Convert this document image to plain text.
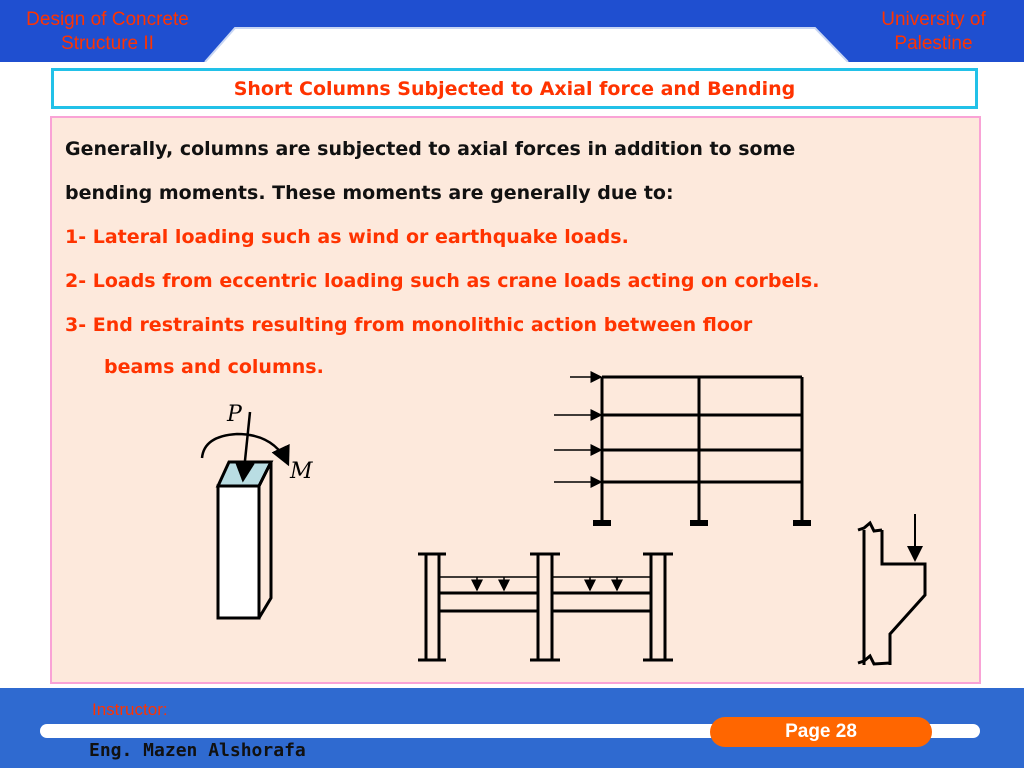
Design of Concrete
Structure II
University of
Palestine
Short Columns Subjected to Axial force and Bending
Generally, columns are subjected to axial forces in addition to some
bending moments. These moments are generally due to:
1- Lateral loading such as wind or earthquake loads.
2- Loads from eccentric loading such as crane loads acting on corbels.
3- End restraints resulting from monolithic action between floor
beams and columns.
P
M
Instructor:
Eng. Mazen Alshorafa
Page 28
